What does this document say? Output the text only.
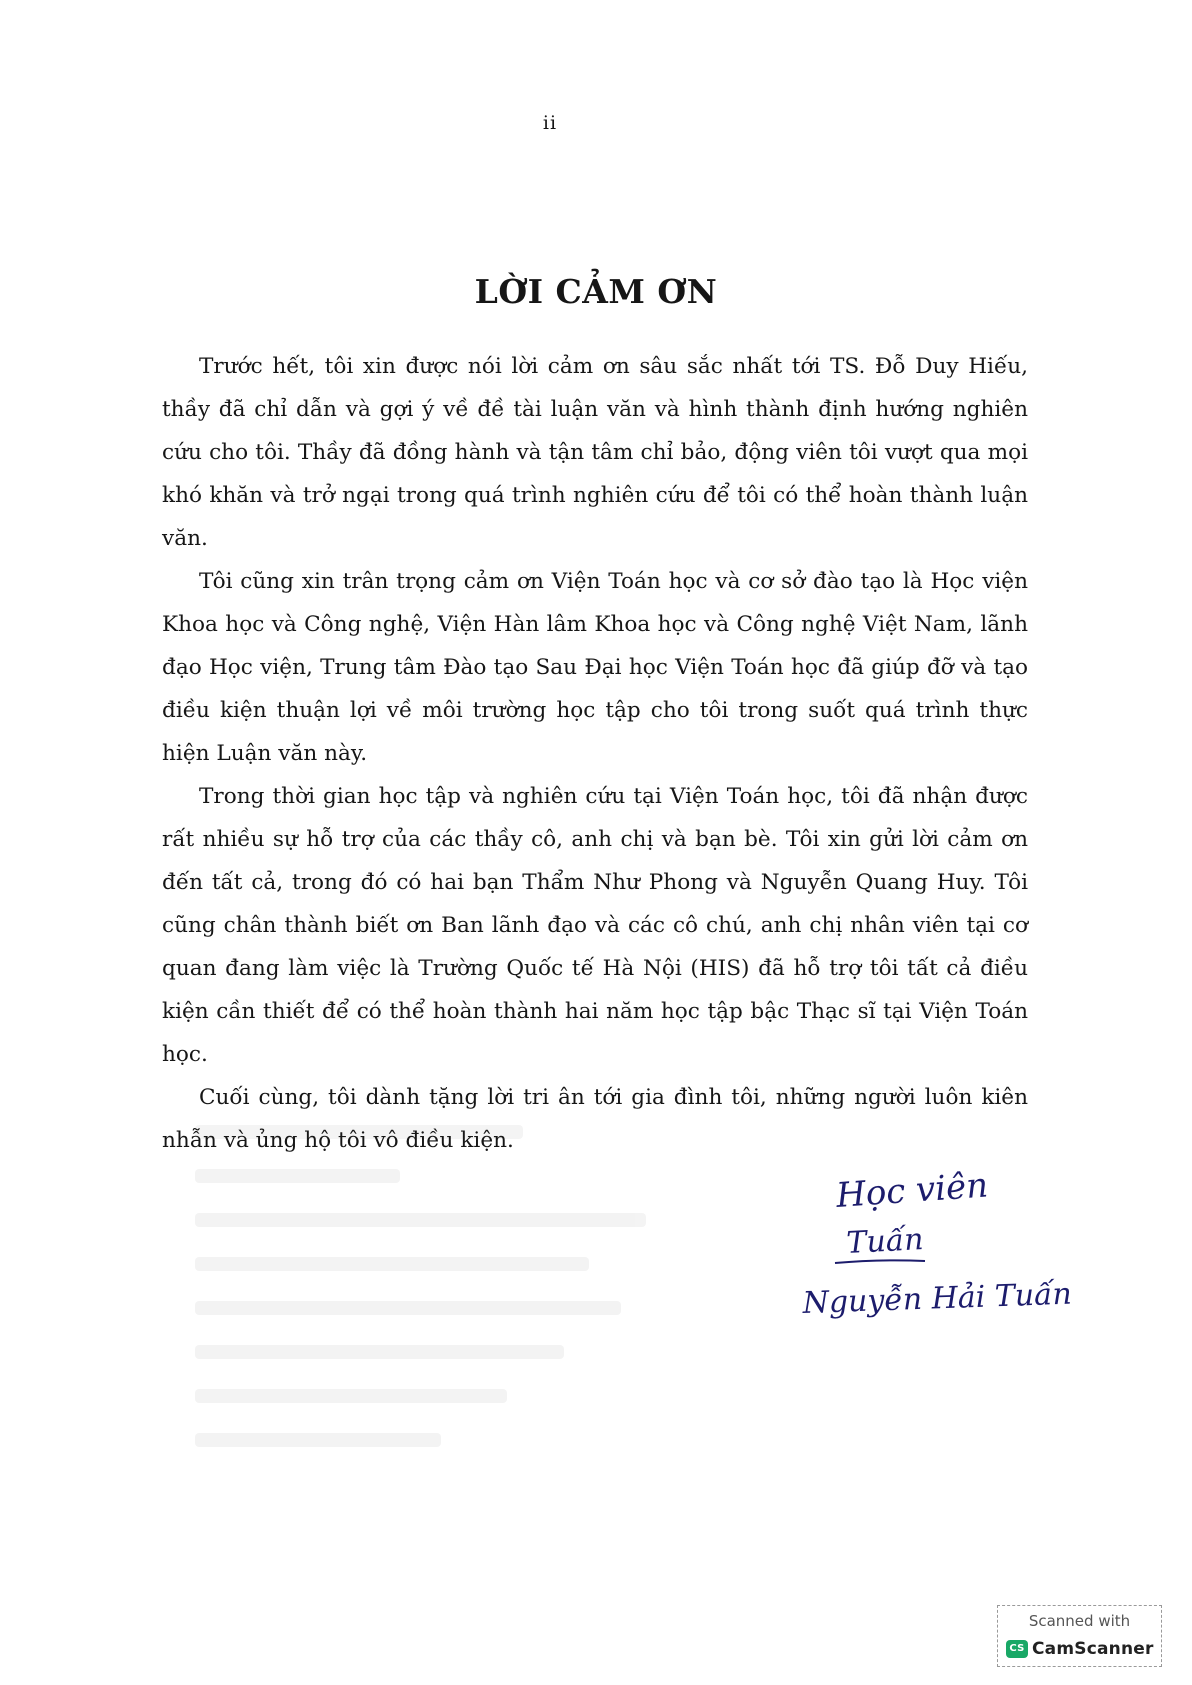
ii
LỜI CẢM ƠN

Trước hết, tôi xin được nói lời cảm ơn sâu sắc nhất tới TS. Đỗ Duy Hiếu, thầy đã chỉ dẫn và gợi ý về đề tài luận văn và hình thành định hướng nghiên cứu cho tôi. Thầy đã đồng hành và tận tâm chỉ bảo, động viên tôi vượt qua mọi khó khăn và trở ngại trong quá trình nghiên cứu để tôi có thể hoàn thành luận văn.

Tôi cũng xin trân trọng cảm ơn Viện Toán học và cơ sở đào tạo là Học viện Khoa học và Công nghệ, Viện Hàn lâm Khoa học và Công nghệ Việt Nam, lãnh đạo Học viện, Trung tâm Đào tạo Sau Đại học Viện Toán học đã giúp đỡ và tạo điều kiện thuận lợi về môi trường học tập cho tôi trong suốt quá trình thực hiện Luận văn này.

Trong thời gian học tập và nghiên cứu tại Viện Toán học, tôi đã nhận được rất nhiều sự hỗ trợ của các thầy cô, anh chị và bạn bè. Tôi xin gửi lời cảm ơn đến tất cả, trong đó có hai bạn Thẩm Như Phong và Nguyễn Quang Huy. Tôi cũng chân thành biết ơn Ban lãnh đạo và các cô chú, anh chị nhân viên tại cơ quan đang làm việc là Trường Quốc tế Hà Nội (HIS) đã hỗ trợ tôi tất cả điều kiện cần thiết để có thể hoàn thành hai năm học tập bậc Thạc sĩ tại Viện Toán học.

Cuối cùng, tôi dành tặng lời tri ân tới gia đình tôi, những người luôn kiên nhẫn và ủng hộ tôi vô điều kiện.

Học viên
Tuấn
Nguyễn Hải Tuấn
Scanned with
CS CamScanner
